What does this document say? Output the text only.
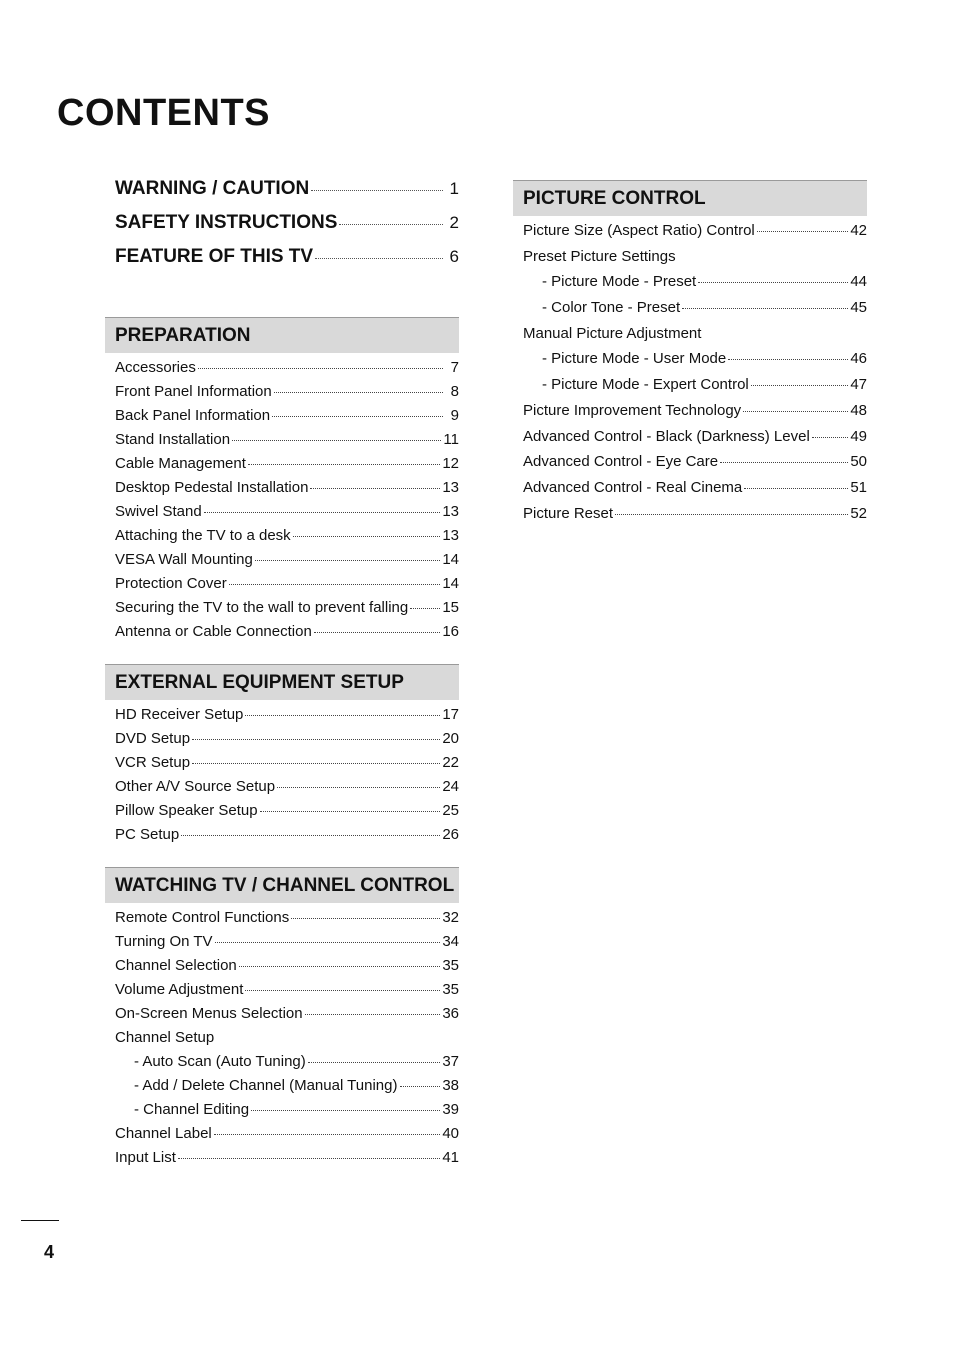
CONTENTS
WARNING / CAUTION	1
SAFETY INSTRUCTIONS	2
FEATURE OF THIS TV	6
PREPARATION
Accessories	7
Front Panel Information	8
Back Panel Information	9
Stand Installation	11
Cable Management	12
Desktop Pedestal Installation	13
Swivel Stand	13
Attaching the TV to a desk	13
VESA Wall Mounting	14
Protection Cover	14
Securing the TV to the wall to prevent falling 15
Antenna or Cable Connection	16
EXTERNAL EQUIPMENT SETUP
HD Receiver Setup	17
DVD Setup	20
VCR Setup	22
Other A/V Source Setup	24
Pillow Speaker Setup	25
PC Setup	26
WATCHING TV / CHANNEL CONTROL
Remote Control Functions	32
Turning On TV	34
Channel Selection	35
Volume Adjustment	35
On-Screen Menus Selection	36
Channel Setup
- Auto Scan (Auto Tuning)	37
- Add / Delete Channel (Manual Tuning)	38
- Channel Editing	39
Channel Label	40
Input List	41
PICTURE CONTROL
Picture Size (Aspect Ratio) Control	42
Preset Picture Settings
- Picture Mode - Preset	44
- Color Tone - Preset	45
Manual Picture Adjustment
- Picture Mode - User Mode	46
- Picture Mode - Expert Control	47
Picture Improvement Technology	48
Advanced Control - Black (Darkness) Level	49
Advanced Control - Eye Care	50
Advanced Control - Real Cinema	51
Picture Reset	52
4
